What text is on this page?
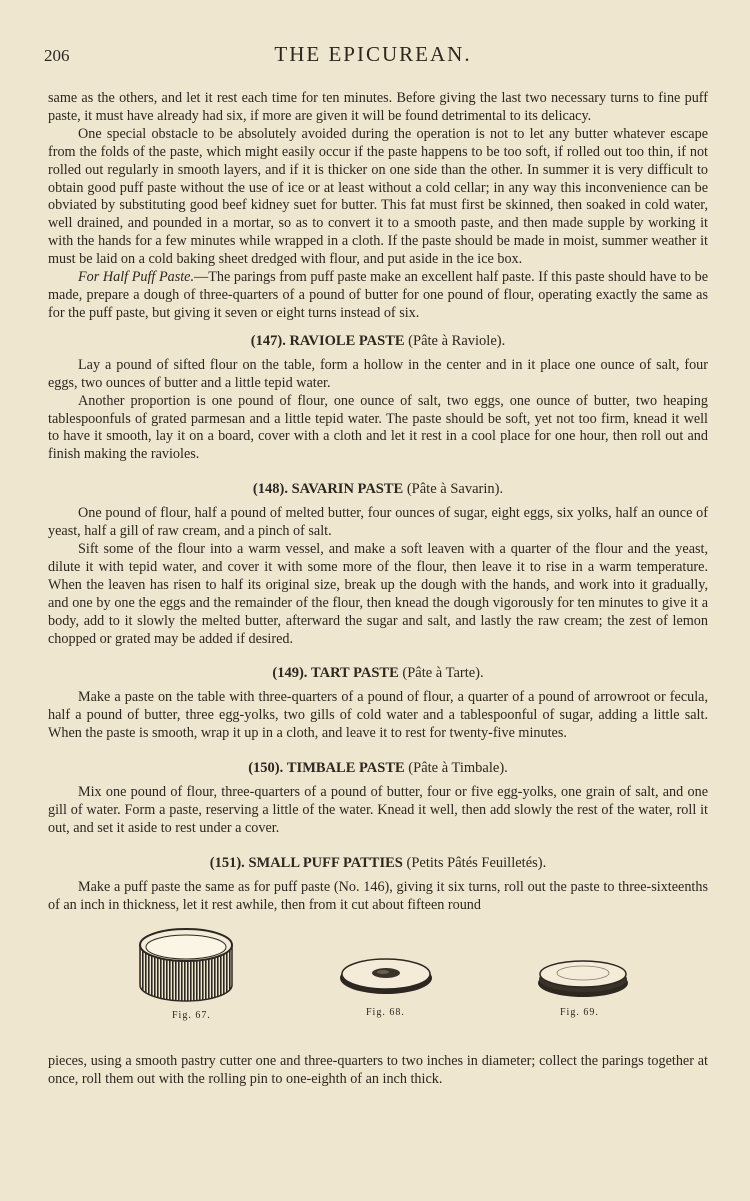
206	THE EPICUREAN.

same as the others, and let it rest each time for ten minutes. Before giving the last two necessary turns to fine puff paste, it must have already had six, if more are given it will be found detrimental to its delicacy.

One special obstacle to be absolutely avoided during the operation is not to let any butter whatever escape from the folds of the paste, which might easily occur if the paste happens to be too soft, if rolled out too thin, if not rolled out regularly in smooth layers, and if it is thicker on one side than the other. In summer it is very difficult to obtain good puff paste without the use of ice or at least without a cold cellar; in any way this inconvenience can be obviated by substituting good beef kidney suet for butter. This fat must first be skinned, then soaked in cold water, well drained, and pounded in a mortar, so as to convert it to a smooth paste, and then made supple by working it with the hands for a few minutes while wrapped in a cloth. If the paste should be made in moist, summer weather it must be laid on a cold baking sheet dredged with flour, and put aside in the ice box.

For Half Puff Paste.—The parings from puff paste make an excellent half paste. If this paste should have to be made, prepare a dough of three-quarters of a pound of butter for one pound of flour, operating exactly the same as for the puff paste, but giving it seven or eight turns instead of six.

(147). RAVIOLE PASTE (Pâte à Raviole).

Lay a pound of sifted flour on the table, form a hollow in the center and in it place one ounce of salt, four eggs, two ounces of butter and a little tepid water.

Another proportion is one pound of flour, one ounce of salt, two eggs, one ounce of butter, two heaping tablespoonfuls of grated parmesan and a little tepid water. The paste should be soft, yet not too firm, knead it well to have it smooth, lay it on a board, cover with a cloth and let it rest in a cool place for one hour, then roll out and finish making the ravioles.

(148). SAVARIN PASTE (Pâte à Savarin).

One pound of flour, half a pound of melted butter, four ounces of sugar, eight eggs, six yolks, half an ounce of yeast, half a gill of raw cream, and a pinch of salt.

Sift some of the flour into a warm vessel, and make a soft leaven with a quarter of the flour and the yeast, dilute it with tepid water, and cover it with some more of the flour, then leave it to rise in a warm temperature. When the leaven has risen to half its original size, break up the dough with the hands, and work into it gradually, and one by one the eggs and the remainder of the flour, then knead the dough vigorously for ten minutes to give it a body, add to it slowly the melted butter, afterward the sugar and salt, and lastly the raw cream; the zest of lemon chopped or grated may be added if desired.

(149). TART PASTE (Pâte à Tarte).

Make a paste on the table with three-quarters of a pound of flour, a quarter of a pound of arrowroot or fecula, half a pound of butter, three egg-yolks, two gills of cold water and a tablespoonful of sugar, adding a little salt. When the paste is smooth, wrap it up in a cloth, and leave it to rest for twenty-five minutes.

(150). TIMBALE PASTE (Pâte à Timbale).

Mix one pound of flour, three-quarters of a pound of butter, four or five egg-yolks, one grain of salt, and one gill of water. Form a paste, reserving a little of the water. Knead it well, then add slowly the rest of the water, roll it out, and set it aside to rest under a cover.

(151). SMALL PUFF PATTIES (Petits Pâtés Feuilletés).

Make a puff paste the same as for puff paste (No. 146), giving it six turns, roll out the paste to three-sixteenths of an inch in thickness, let it rest awhile, then from it cut about fifteen round

Fig. 67.	Fig. 68.	Fig. 69.

pieces, using a smooth pastry cutter one and three-quarters to two inches in diameter; collect the parings together at once, roll them out with the rolling pin to one-eighth of an inch thick.
